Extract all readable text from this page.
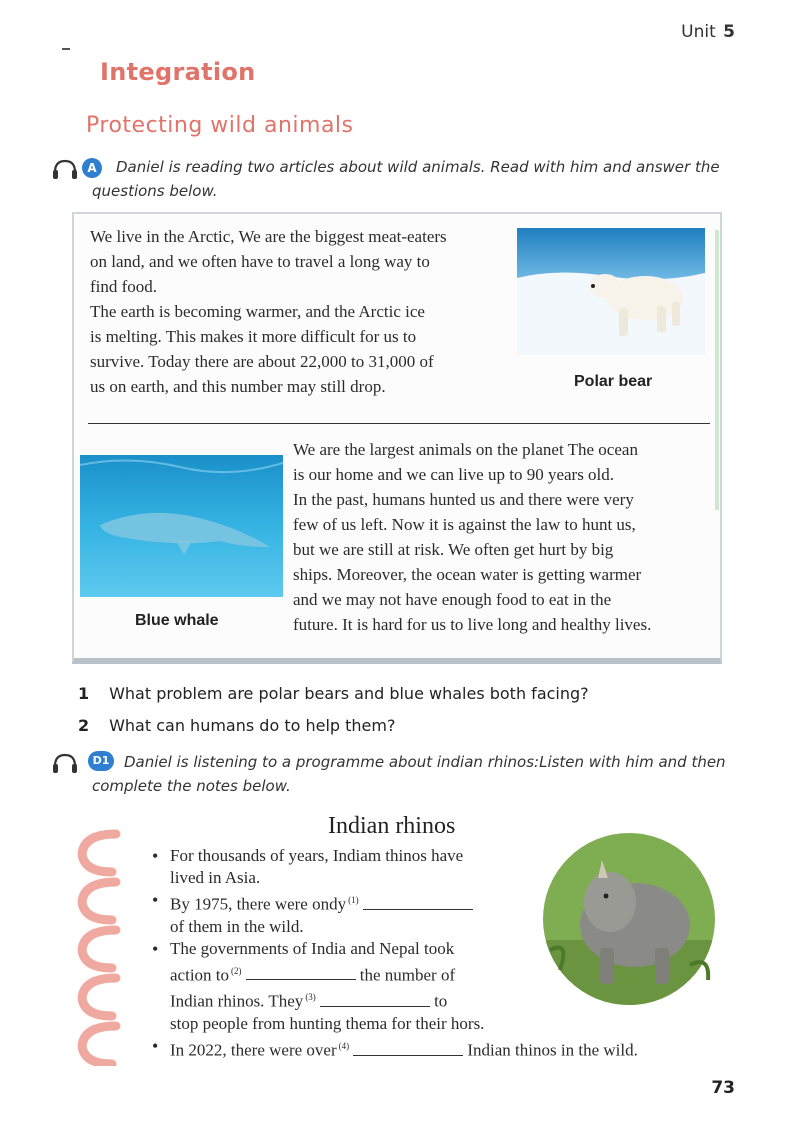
Unit 5
Integration
Protecting wild animals
A	Daniel is reading two articles about wild animals. Read with him and answer the questions below.
We live in the Arctic, We are the biggest meat-eaters
on land, and we often have to travel a long way to
find food.
The earth is becoming warmer, and the Arctic ice
is melting. This makes it more difficult for us to
survive. Today there are about 22,000 to 31,000 of
us on earth, and this number may still drop.	Polar bear
Blue whale
We are the largest animals on the planet The ocean
is our home and we can live up to 90 years old.
In the past, humans hunted us and there were very
few of us left. Now it is against the law to hunt us,
but we are still at risk. We often get hurt by big
ships. Moreover, the ocean water is getting warmer
and we may not have enough food to eat in the
future. It is hard for us to live long and healthy lives.
1 What problem are polar bears and blue whales both facing?
2 What can humans do to help them?
D1 Daniel is listening to a programme about indian rhinos:Listen with him and then complete the notes below.
Indian rhinos
• For thousands of years, Indiam thinos have
lived in Asia.
• By 1975, there were ondy $^{(1)}$
of them in the wild.
• The governments of India and Nepal took
action to $^{(2)}$	the number of
Indian rhinos. They $^{(3)}$	to
stop people from hunting thema for their hors.
• In 2022, there were over $^{(4)}$	Indian thinos in the wild.
73
